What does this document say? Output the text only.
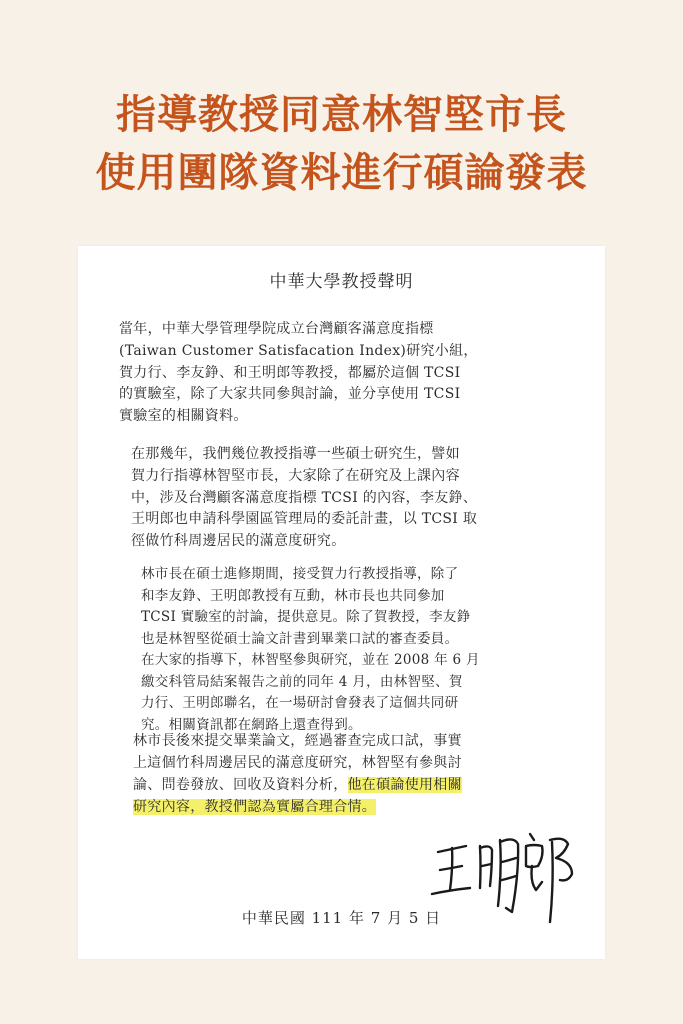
指導教授同意林智堅市長
使用團隊資料進行碩論發表
中華大學教授聲明
當年，中華大學管理學院成立台灣顧客滿意度指標
(Taiwan Customer Satisfacation Index)研究小組，
賀力行、李友錚、和王明郎等教授，都屬於這個 TCSI
的實驗室，除了大家共同參與討論，並分享使用 TCSI
實驗室的相關資料。
在那幾年，我們幾位教授指導一些碩士研究生，譬如
賀力行指導林智堅市長，大家除了在研究及上課內容
中，涉及台灣顧客滿意度指標 TCSI 的內容，李友錚、
王明郎也申請科學園區管理局的委託計畫，以 TCSI 取
徑做竹科周邊居民的滿意度研究。
林市長在碩士進修期間，接受賀力行教授指導，除了
和李友錚、王明郎教授有互動，林市長也共同參加
TCSI 實驗室的討論，提供意見。除了賀教授，李友錚
也是林智堅從碩士論文計書到畢業口試的審查委員。
在大家的指導下，林智堅參與研究，並在 2008 年 6 月
繳交科管局結案報告之前的同年 4 月，由林智堅、賀
力行、王明郎聯名，在一場研討會發表了這個共同研
究。相關資訊都在網路上還查得到。
林市長後來提交畢業論文，經過審查完成口試，事實
上這個竹科周邊居民的滿意度研究，林智堅有參與討
論、問卷發放、回收及資料分析，他在碩論使用相關
研究內容，教授們認為實屬合理合情。
中華民國 111 年 7 月 5 日
